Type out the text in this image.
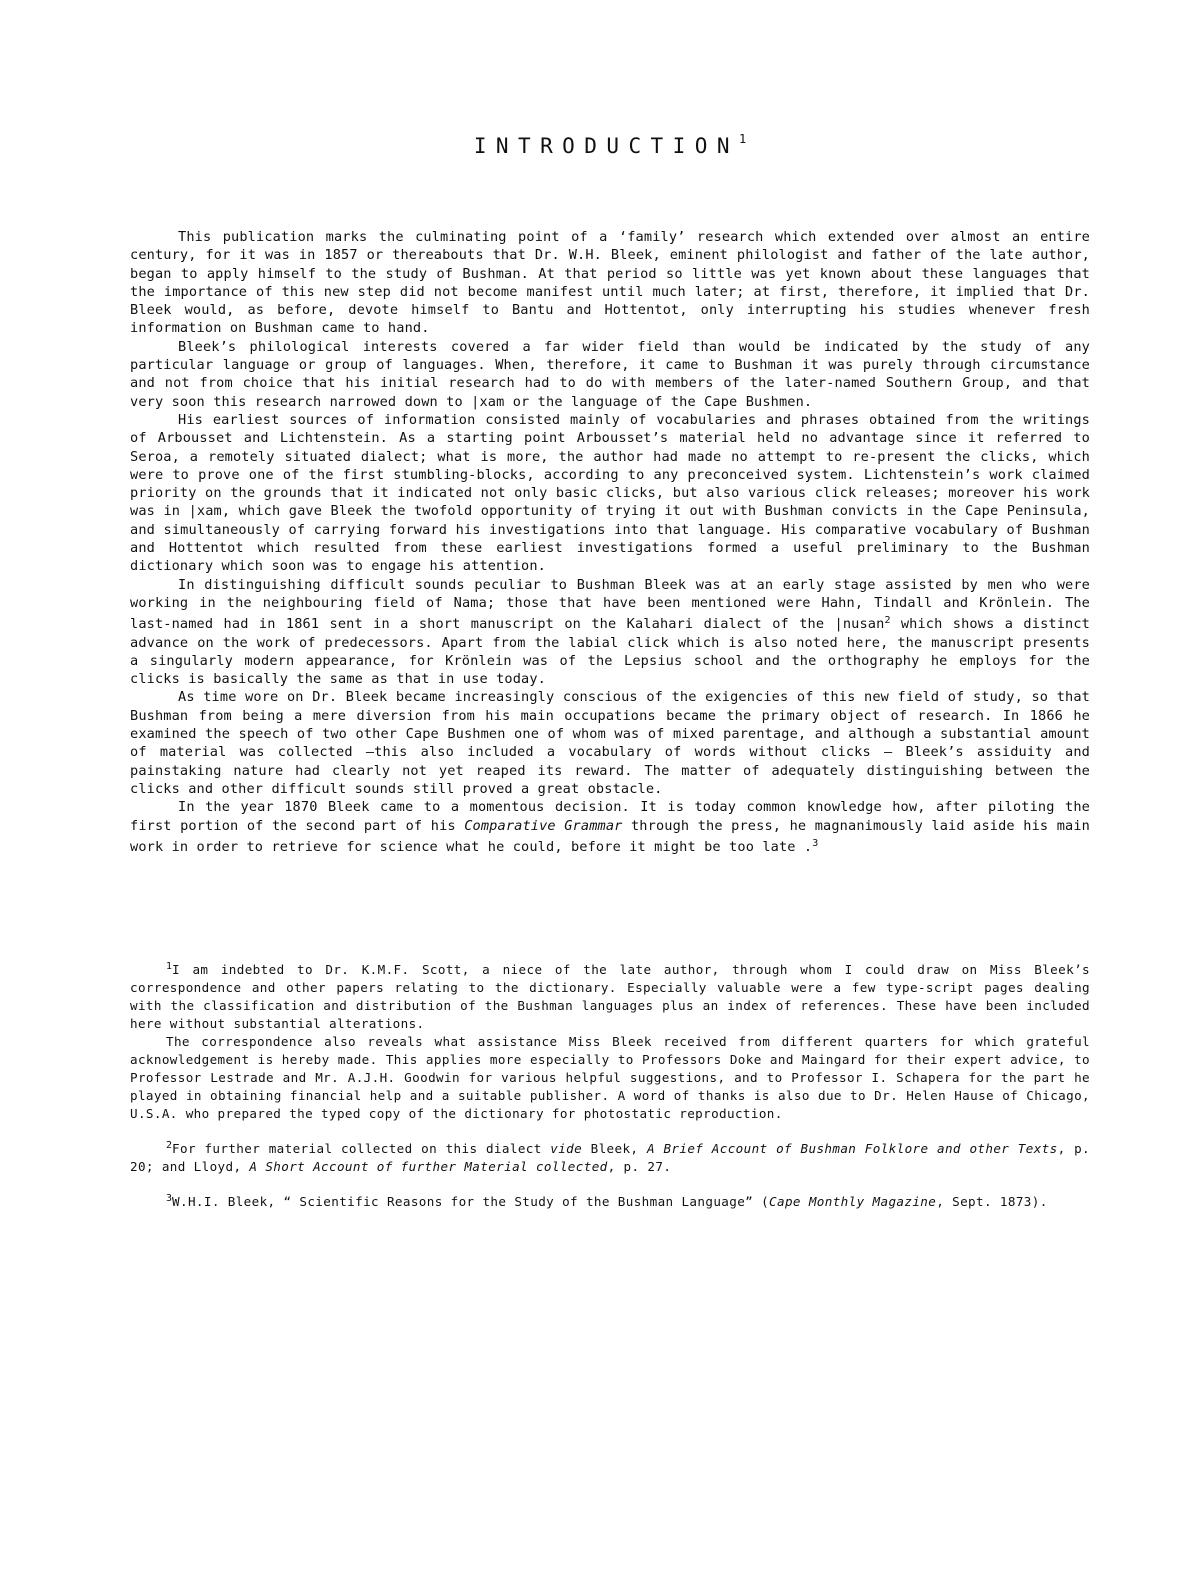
INTRODUCTION$^1$

This publication marks the culminating point of a ‘family’ research which extended over almost an entire century, for it was in 1857 or thereabouts that Dr. W.H. Bleek, eminent philologist and father of the late author, began to apply himself to the study of Bushman. At that period so little was yet known about these languages that the importance of this new step did not become manifest until much later; at first, therefore, it implied that Dr. Bleek would, as before, devote himself to Bantu and Hottentot, only interrupting his studies whenever fresh information on Bushman came to hand.

Bleek’s philological interests covered a far wider field than would be indicated by the study of any particular language or group of languages. When, therefore, it came to Bushman it was purely through circumstance and not from choice that his initial research had to do with members of the later-named Southern Group, and that very soon this research narrowed down to |xam or the language of the Cape Bushmen.

His earliest sources of information consisted mainly of vocabularies and phrases obtained from the writings of Arbousset and Lichtenstein. As a starting point Arbousset’s material held no advantage since it referred to Seroa, a remotely situated dialect; what is more, the author had made no attempt to re-present the clicks, which were to prove one of the first stumbling-blocks, according to any preconceived system. Lichtenstein’s work claimed priority on the grounds that it indicated not only basic clicks, but also various click releases; moreover his work was in |xam, which gave Bleek the twofold opportunity of trying it out with Bushman convicts in the Cape Peninsula, and simultaneously of carrying forward his investigations into that language. His comparative vocabulary of Bushman and Hottentot which resulted from these earliest investigations formed a useful preliminary to the Bushman dictionary which soon was to engage his attention.

In distinguishing difficult sounds peculiar to Bushman Bleek was at an early stage assisted by men who were working in the neighbouring field of Nama; those that have been mentioned were Hahn, Tindall and Krönlein. The last-named had in 1861 sent in a short manuscript on the Kalahari dialect of the |nusan$^2$ which shows a distinct advance on the work of predecessors. Apart from the labial click which is also noted here, the manuscript presents a singularly modern appearance, for Krönlein was of the Lepsius school and the orthography he employs for the clicks is basically the same as that in use today.

As time wore on Dr. Bleek became increasingly conscious of the exigencies of this new field of study, so that Bushman from being a mere diversion from his main occupations became the primary object of research. In 1866 he examined the speech of two other Cape Bushmen one of whom was of mixed parentage, and although a substantial amount of material was collected –this also included a vocabulary of words without clicks – Bleek’s assiduity and painstaking nature had clearly not yet reaped its reward. The matter of adequately distinguishing between the clicks and other difficult sounds still proved a great obstacle.

In the year 1870 Bleek came to a momentous decision. It is today common knowledge how, after piloting the first portion of the second part of his Comparative Grammar through the press, he magnanimously laid aside his main work in order to retrieve for science what he could, before it might be too late .$^3$

$^1$I am indebted to Dr. K.M.F. Scott, a niece of the late author, through whom I could draw on Miss Bleek’s correspondence and other papers relating to the dictionary. Especially valuable were a few type-script pages dealing with the classification and distribution of the Bushman languages plus an index of references. These have been included here without substantial alterations.

The correspondence also reveals what assistance Miss Bleek received from different quarters for which grateful acknowledgement is hereby made. This applies more especially to Professors Doke and Maingard for their expert advice, to Professor Lestrade and Mr. A.J.H. Goodwin for various helpful suggestions, and to Professor I. Schapera for the part he played in obtaining financial help and a suitable publisher. A word of thanks is also due to Dr. Helen Hause of Chicago, U.S.A. who prepared the typed copy of the dictionary for photostatic reproduction.

$^2$For further material collected on this dialect vide Bleek, A Brief Account of Bushman Folklore and other Texts, p. 20; and Lloyd, A Short Account of further Material collected, p. 27.

$^3$W.H.I. Bleek, “ Scientific Reasons for the Study of the Bushman Language” (Cape Monthly Magazine, Sept. 1873).
